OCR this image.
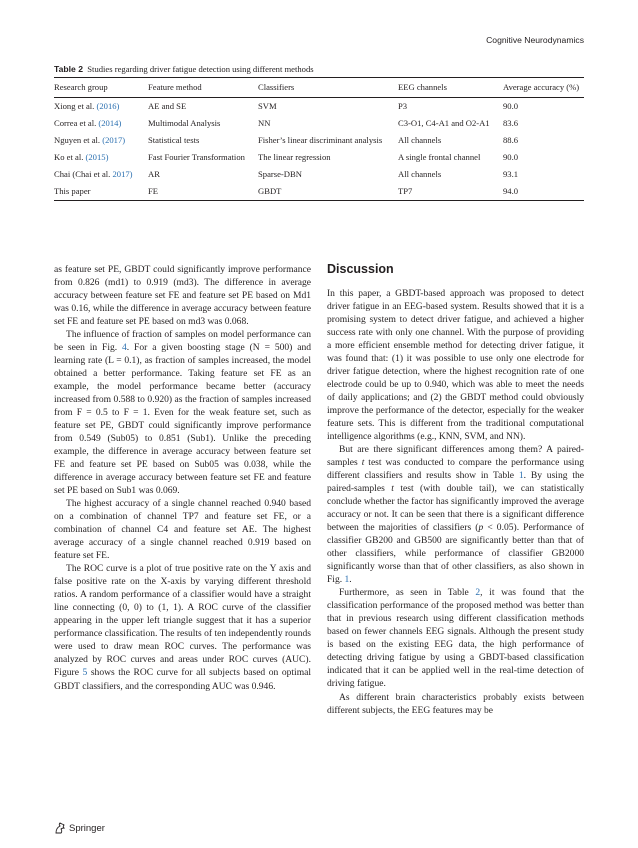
Cognitive Neurodynamics
Table 2 Studies regarding driver fatigue detection using different methods
Research group	Feature method	Classifiers	EEG channels	Average accuracy (%)
Xiong et al. (2016)	AE and SE	SVM	P3	90.0
Correa et al. (2014)	Multimodal Analysis	NN	C3-O1, C4-A1 and O2-A1	83.6
Nguyen et al. (2017)	Statistical tests	Fisher’s linear discriminant analysis	All channels	88.6
Ko et al. (2015)	Fast Fourier Transformation	The linear regression	A single frontal channel	90.0
Chai (Chai et al. 2017)	AR	Sparse-DBN	All channels	93.1
This paper	FE	GBDT	TP7	94.0

as feature set PE, GBDT could significantly improve performance from 0.826 (md1) to 0.919 (md3). The difference in average accuracy between feature set FE and feature set PE based on Md1 was 0.16, while the difference in average accuracy between feature set FE and feature set PE based on md3 was 0.068.

The influence of fraction of samples on model performance can be seen in Fig. 4. For a given boosting stage (N = 500) and learning rate (L = 0.1), as fraction of samples increased, the model obtained a better performance. Taking feature set FE as an example, the model performance became better (accuracy increased from 0.588 to 0.920) as the fraction of samples increased from F = 0.5 to F = 1. Even for the weak feature set, such as feature set PE, GBDT could significantly improve performance from 0.549 (Sub05) to 0.851 (Sub1). Unlike the preceding example, the difference in average accuracy between feature set FE and feature set PE based on Sub05 was 0.038, while the difference in average accuracy between feature set FE and feature set PE based on Sub1 was 0.069.

The highest accuracy of a single channel reached 0.940 based on a combination of channel TP7 and feature set FE, or a combination of channel C4 and feature set AE. The highest average accuracy of a single channel reached 0.919 based on feature set FE.

The ROC curve is a plot of true positive rate on the Y axis and false positive rate on the X-axis by varying different threshold ratios. A random performance of a classifier would have a straight line connecting (0, 0) to (1, 1). A ROC curve of the classifier appearing in the upper left triangle suggest that it has a superior performance classification. The results of ten independently rounds were used to draw mean ROC curves. The performance was analyzed by ROC curves and areas under ROC curves (AUC). Figure 5 shows the ROC curve for all subjects based on optimal GBDT classifiers, and the corresponding AUC was 0.946.

Discussion

In this paper, a GBDT-based approach was proposed to detect driver fatigue in an EEG-based system. Results showed that it is a promising system to detect driver fatigue, and achieved a higher success rate with only one channel. With the purpose of providing a more efficient ensemble method for detecting driver fatigue, it was found that: (1) it was possible to use only one electrode for driver fatigue detection, where the highest recognition rate of one electrode could be up to 0.940, which was able to meet the needs of daily applications; and (2) the GBDT method could obviously improve the performance of the detector, especially for the weaker feature sets. This is different from the traditional computational intelligence algorithms (e.g., KNN, SVM, and NN).

But are there significant differences among them? A paired-samples t test was conducted to compare the performance using different classifiers and results show in Table 1. By using the paired-samples t test (with double tail), we can statistically conclude whether the factor has significantly improved the average accuracy or not. It can be seen that there is a significant difference between the majorities of classifiers (p < 0.05). Performance of classifier GB200 and GB500 are significantly better than that of other classifiers, while performance of classifier GB2000 significantly worse than that of other classifiers, as also shown in Fig. 1.

Furthermore, as seen in Table 2, it was found that the classification performance of the proposed method was better than that in previous research using different classification methods based on fewer channels EEG signals. Although the present study is based on the existing EEG data, the high performance of detecting driving fatigue by using a GBDT-based classification indicated that it can be applied well in the real-time detection of driving fatigue.

As different brain characteristics probably exists between different subjects, the EEG features may be

Springer
